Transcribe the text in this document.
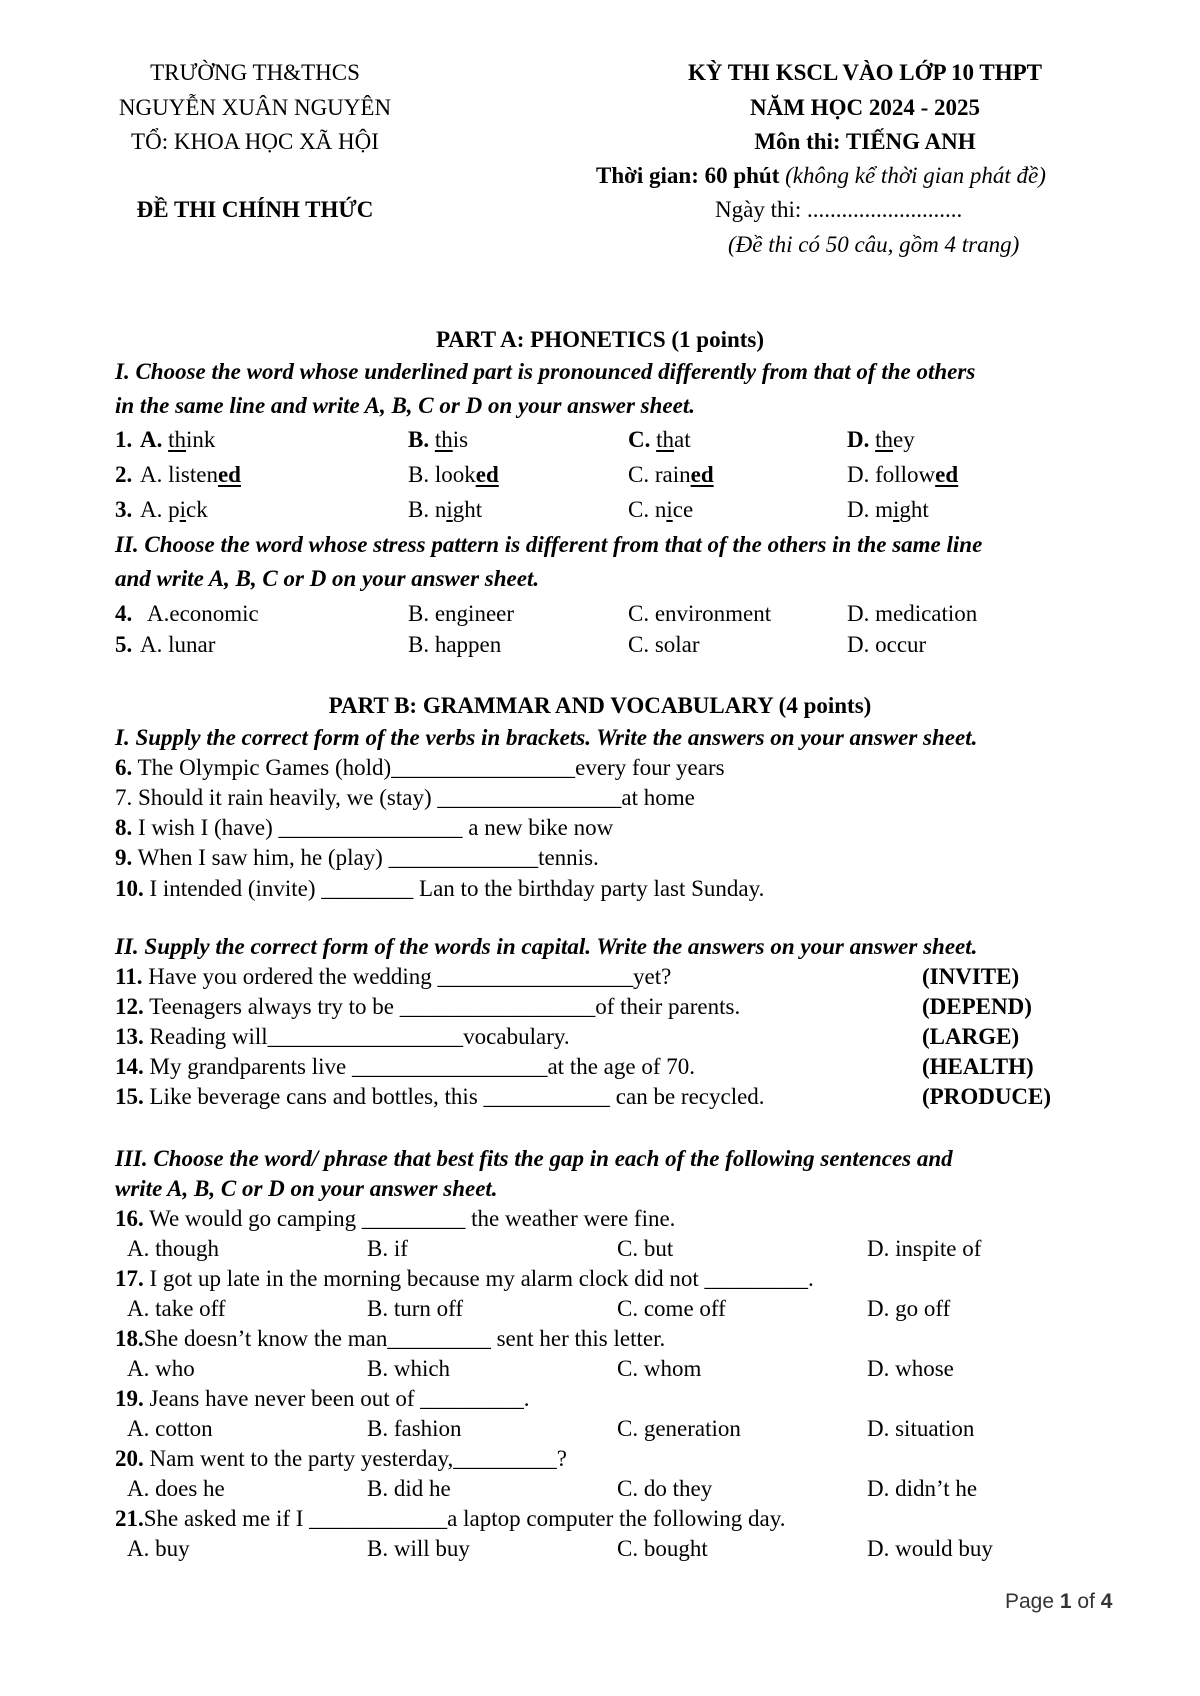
TRƯỜNG TH&THCS
NGUYỄN XUÂN NGUYÊN
TỔ: KHOA HỌC XÃ HỘI
ĐỀ THI CHÍNH THỨC
KỲ THI KSCL VÀO LỚP 10 THPT
NĂM HỌC 2024 - 2025
Môn thi: TIẾNG ANH
Thời gian: 60 phút (không kể thời gian phát đề)
Ngày thi: ...........................
(Đề thi có 50 câu, gồm 4 trang)
PART A: PHONETICS (1 points)
I. Choose the word whose underlined part is pronounced differently from that of the others
in the same line and write A, B, C or D on your answer sheet.
1. A. think	B. this	C. that	D. they
2. A. listened	B. looked	C. rained	D. followed
3. A. pick	B. night	C. nice	D. might
II. Choose the word whose stress pattern is different from that of the others in the same line
and write A, B, C or D on your answer sheet.
4. A.economic	B. engineer	C. environment	D. medication
5. A. lunar	B. happen	C. solar	D. occur
PART B: GRAMMAR AND VOCABULARY (4 points)
I. Supply the correct form of the verbs in brackets. Write the answers on your answer sheet.
6. The Olympic Games (hold)________________every four years
7. Should it rain heavily, we (stay) ________________at home
8. I wish I (have) ________________ a new bike now
9. When I saw him, he (play) _____________tennis.
10. I intended (invite) ________ Lan to the birthday party last Sunday.
II. Supply the correct form of the words in capital. Write the answers on your answer sheet.
11. Have you ordered the wedding _________________yet?	(INVITE)
12. Teenagers always try to be _________________of their parents.	(DEPEND)
13. Reading will_________________vocabulary.	(LARGE)
14. My grandparents live _________________at the age of 70.	(HEALTH)
15. Like beverage cans and bottles, this ___________ can be recycled.	(PRODUCE)
III. Choose the word/ phrase that best fits the gap in each of the following sentences and
write A, B, C or D on your answer sheet.
16. We would go camping _________ the weather were fine.
A. though	B. if	C. but	D. inspite of
17. I got up late in the morning because my alarm clock did not _________.
A. take off	B. turn off	C. come off	D. go off
18.She doesn’t know the man_________ sent her this letter.
A. who	B. which	C. whom	D. whose
19. Jeans have never been out of _________.
A. cotton	B. fashion	C. generation	D. situation
20. Nam went to the party yesterday,_________?
A. does he	B. did he	C. do they	D. didn’t he
21.She asked me if I ____________a laptop computer the following day.
A. buy	B. will buy	C. bought	D. would buy
Page 1 of 4
